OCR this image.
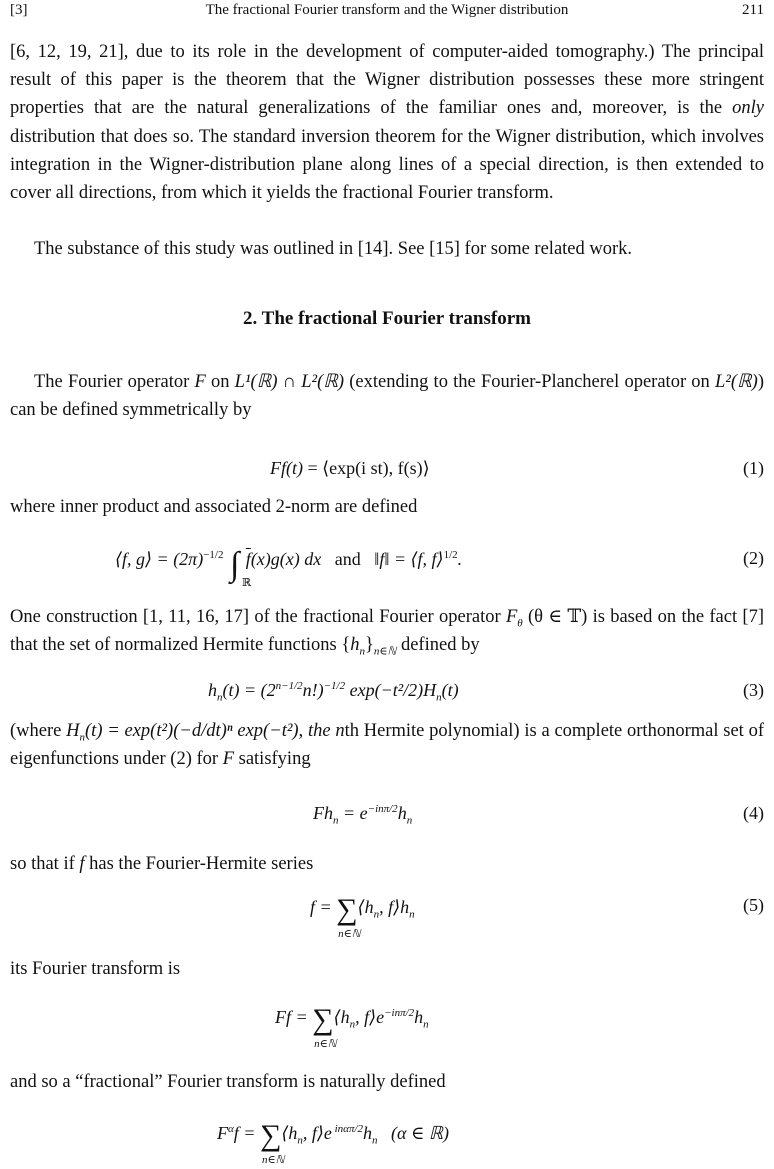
[3]	The fractional Fourier transform and the Wigner distribution	211
[6, 12, 19, 21], due to its role in the development of computer-aided tomography.) The principal result of this paper is the theorem that the Wigner distribution possesses these more stringent properties that are the natural generalizations of the familiar ones and, moreover, is the only distribution that does so. The standard inversion theorem for the Wigner distribution, which involves integration in the Wigner-distribution plane along lines of a special direction, is then extended to cover all directions, from which it yields the fractional Fourier transform.
The substance of this study was outlined in [14]. See [15] for some related work.
2. The fractional Fourier transform
The Fourier operator F on L¹(ℝ) ∩ L²(ℝ) (extending to the Fourier-Plancherel operator on L²(ℝ)) can be defined symmetrically by
Ff(t) = ⟨exp(i st), f(s)⟩	(1)
where inner product and associated 2-norm are defined
⟨f, g⟩ = $(2\pi)^{-1/2}$ ∫ ℝ
$\overline{f}(x)g(x)$ dx and ‖f‖ = ⟨f, f⟩$^{1/2}$.	(2)
One construction [1, 11, 16, 17] of the fractional Fourier operator $F_\theta$ (θ ∈ 𝕋) is based on the fact [7] that the set of normalized Hermite functions $\{h_n\}_{n\in ℕ}$ defined by
$h_n(t) = (2^{n-1/2}n!)^{-1/2}$ $\exp(-t^2/2)H_n(t)$	(3)
(where $H_n(t) = \exp(t^2)(-d/dt)^n$ exp(−t²), the nth Hermite polynomial) is a complete orthonormal set of eigenfunctions under (2) for F satisfying
$Fh_n = e^{-in\pi/2}h_n$	(4)
so that if f has the Fourier-Hermite series
f = ∑
n∈ℕ
$⟨h_n$, $f⟩h_n$	(5)
its Fourier transform is
Ff = ∑
n∈ℕ
$⟨h_n$, $f⟩e^{-in\pi/2}h_n$
and so a “fractional” Fourier transform is naturally defined
$F^\alpha f$ = ∑
n∈ℕ
$⟨h_n$, f⟩e $^{in\alpha\pi/2}h_n$ (α ∈ ℝ)
